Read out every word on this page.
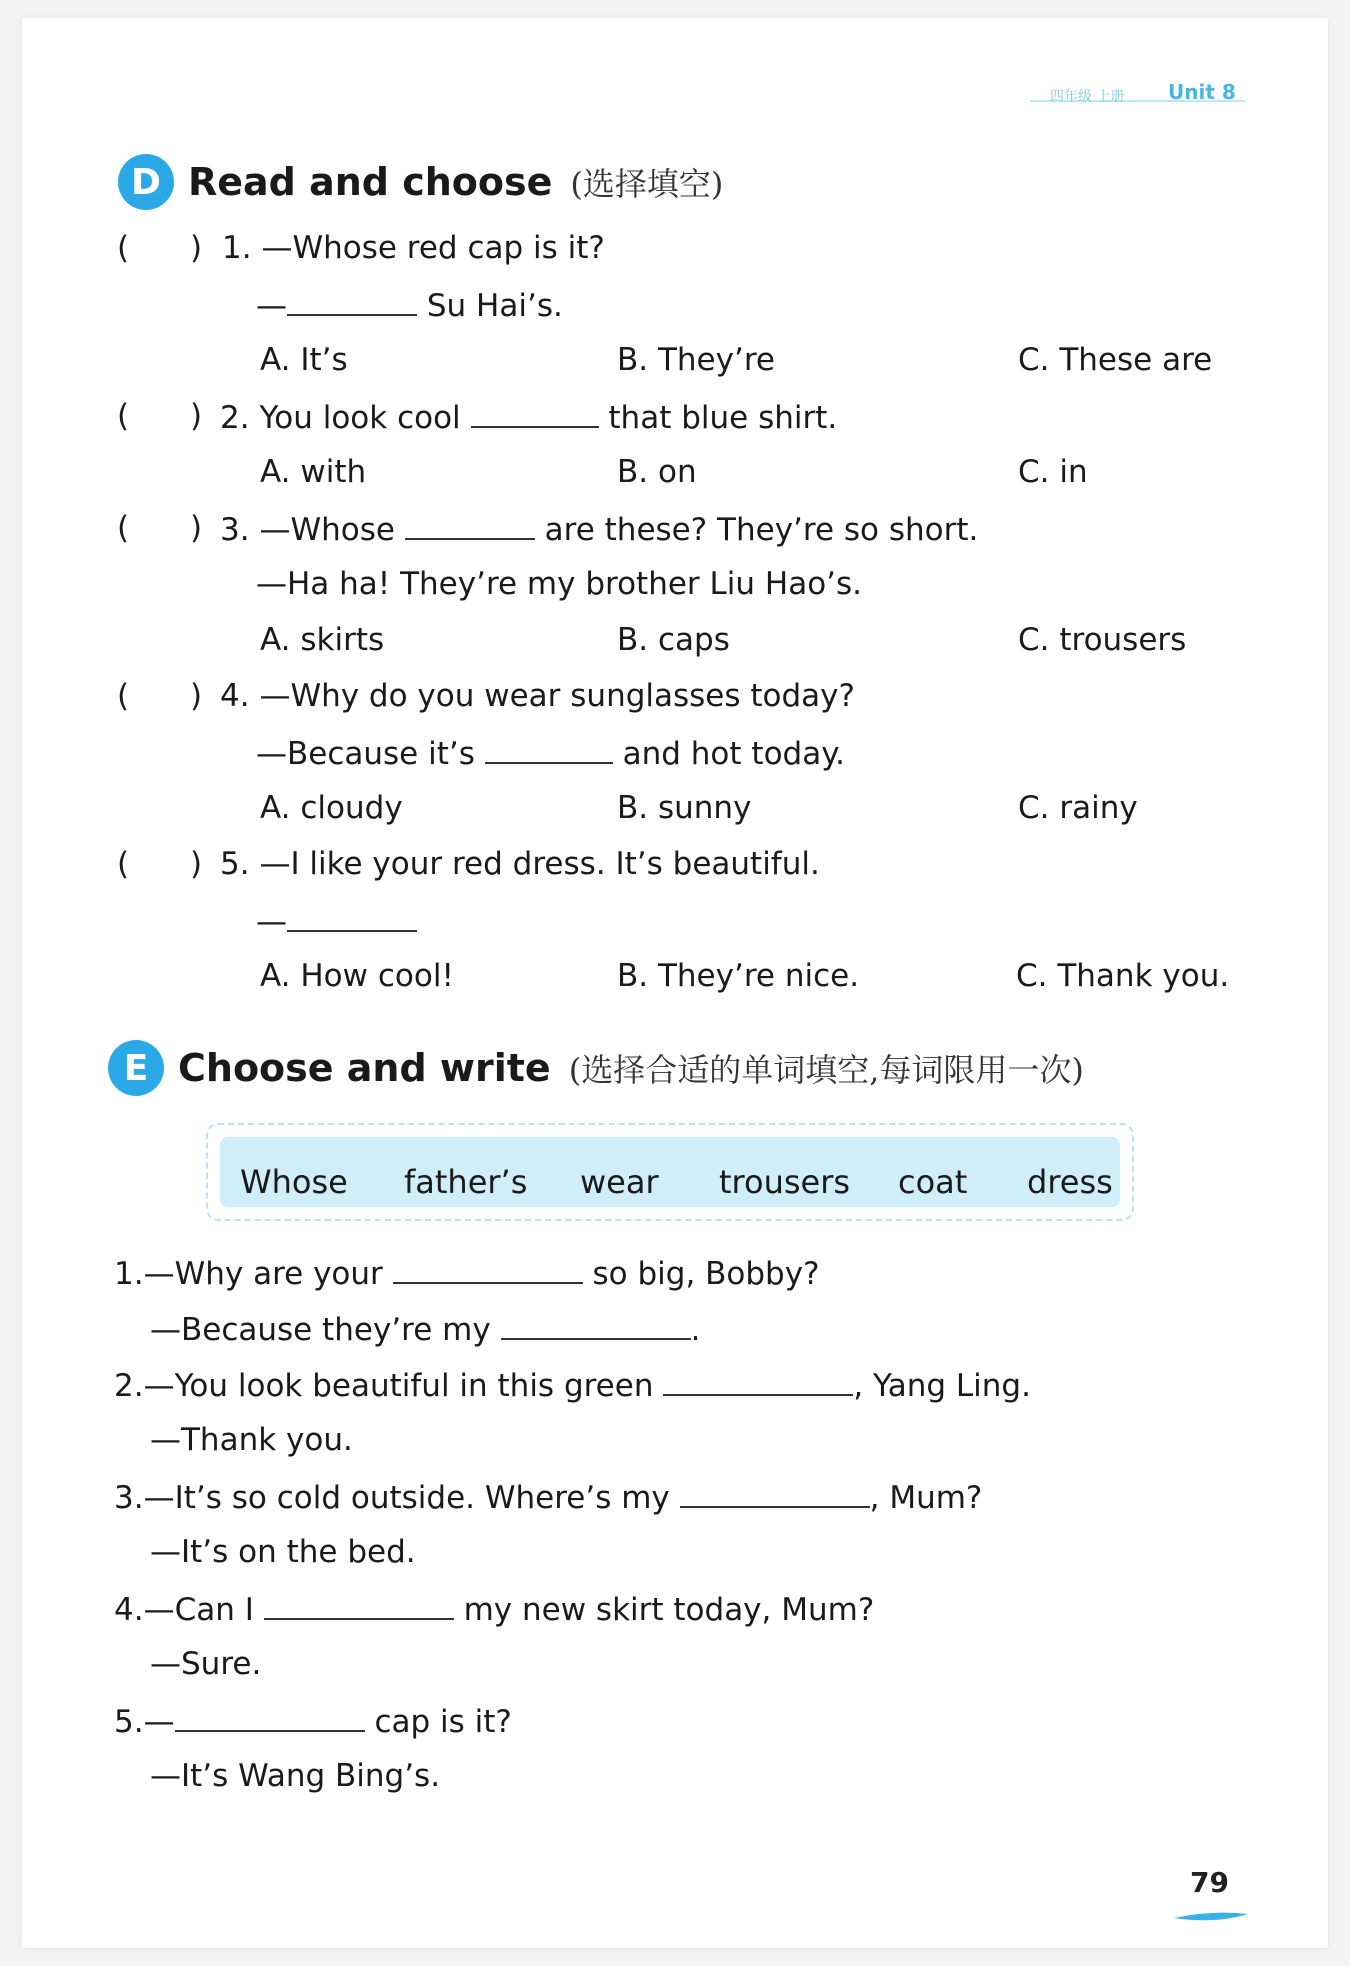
四年级 上册 Unit 8
D Read and choose (选择填空)
( ) 1. —Whose red cap is it?
—	Su Hai’s.
A. It’s	B. They’re	C. These are
( ) 2. You look cool	that blue shirt.
A. with	B. on	C. in
( ) 3. —Whose	are these? They’re so short.
—Ha ha! They’re my brother Liu Hao’s.
A. skirts	B. caps	C. trousers
( ) 4. —Why do you wear sunglasses today?
—Because it’s	and hot today.
A. cloudy	B. sunny	C. rainy
( ) 5. —I like your red dress. It’s beautiful.
—
A. How cool!	B. They’re nice.	C. Thank you.
E Choose and write (选择合适的单词填空,每词限用一次)
Whose father’s wear trousers coat dress
1.—Why are your	so big, Bobby?
—Because they’re my	.
2.—You look beautiful in this green	, Yang Ling.
—Thank you.
3.—It’s so cold outside. Where’s my	, Mum?
—It’s on the bed.
4.—Can I	my new skirt today, Mum?
—Sure.
5.—	cap is it?
—It’s Wang Bing’s.
79
